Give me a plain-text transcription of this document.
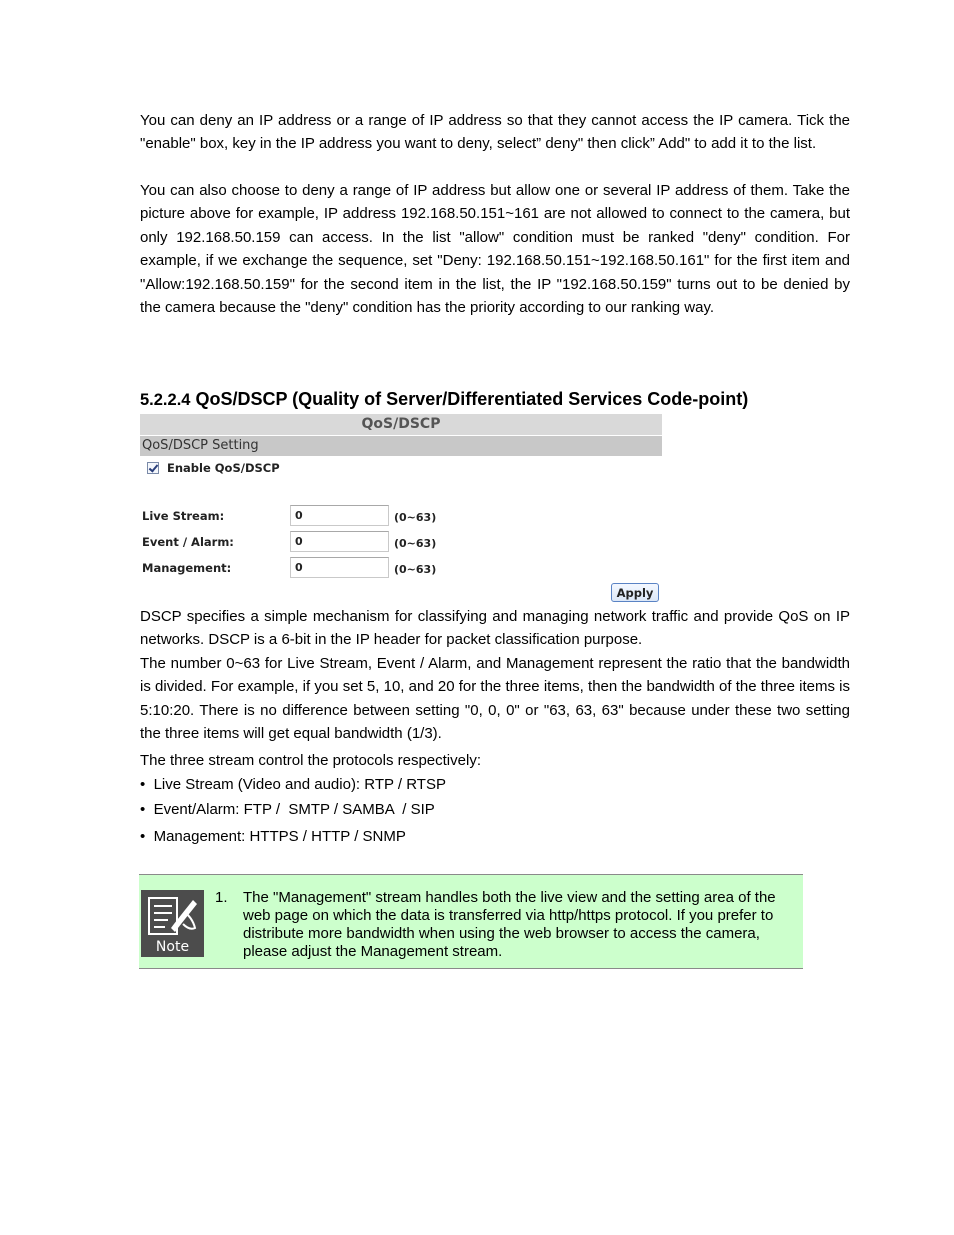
You can deny an IP address or a range of IP address so that they cannot access the IP camera. Tick the "enable" box, key in the IP address you want to deny, select” deny" then click” Add" to add it to the list.

You can also choose to deny a range of IP address but allow one or several IP address of them. Take the picture above for example, IP address 192.168.50.151~161 are not allowed to connect to the camera, but only 192.168.50.159 can access. In the list "allow" condition must be ranked "deny" condition. For example, if we exchange the sequence, set "Deny: 192.168.50.151~192.168.50.161" for the first item and "Allow:192.168.50.159" for the second item in the list, the IP "192.168.50.159" turns out to be denied by the camera because the "deny" condition has the priority according to our ranking way.

5.2.2.4 QoS/DSCP (Quality of Server/Differentiated Services Code-point)
QoS/DSCP
QoS/DSCP Setting
Enable QoS/DSCP
Live Stream:
0	(0~63)
Event / Alarm:
0	(0~63)
Management:
0	(0~63)
Apply

DSCP specifies a simple mechanism for classifying and managing network traffic and provide QoS on IP networks. DSCP is a 6-bit in the IP header for packet classification purpose.

The number 0~63 for Live Stream, Event / Alarm, and Management represent the ratio that the bandwidth is divided. For example, if you set 5, 10, and 20 for the three items, then the bandwidth of the three items is 5:10:20. There is no difference between setting "0, 0, 0" or "63, 63, 63" because under these two setting the three items will get equal bandwidth (1/3).

The three stream control the protocols respectively:

•  Live Stream (Video and audio): RTP / RTSP
•  Event/Alarm: FTP /  SMTP / SAMBA  / SIP
•  Management: HTTPS / HTTP / SNMP
Note
1. The "Management" stream handles both the live view and the setting area of the web page on which the data is transferred via http/https protocol. If you prefer to distribute more bandwidth when using the web browser to access the camera, please adjust the Management stream.
